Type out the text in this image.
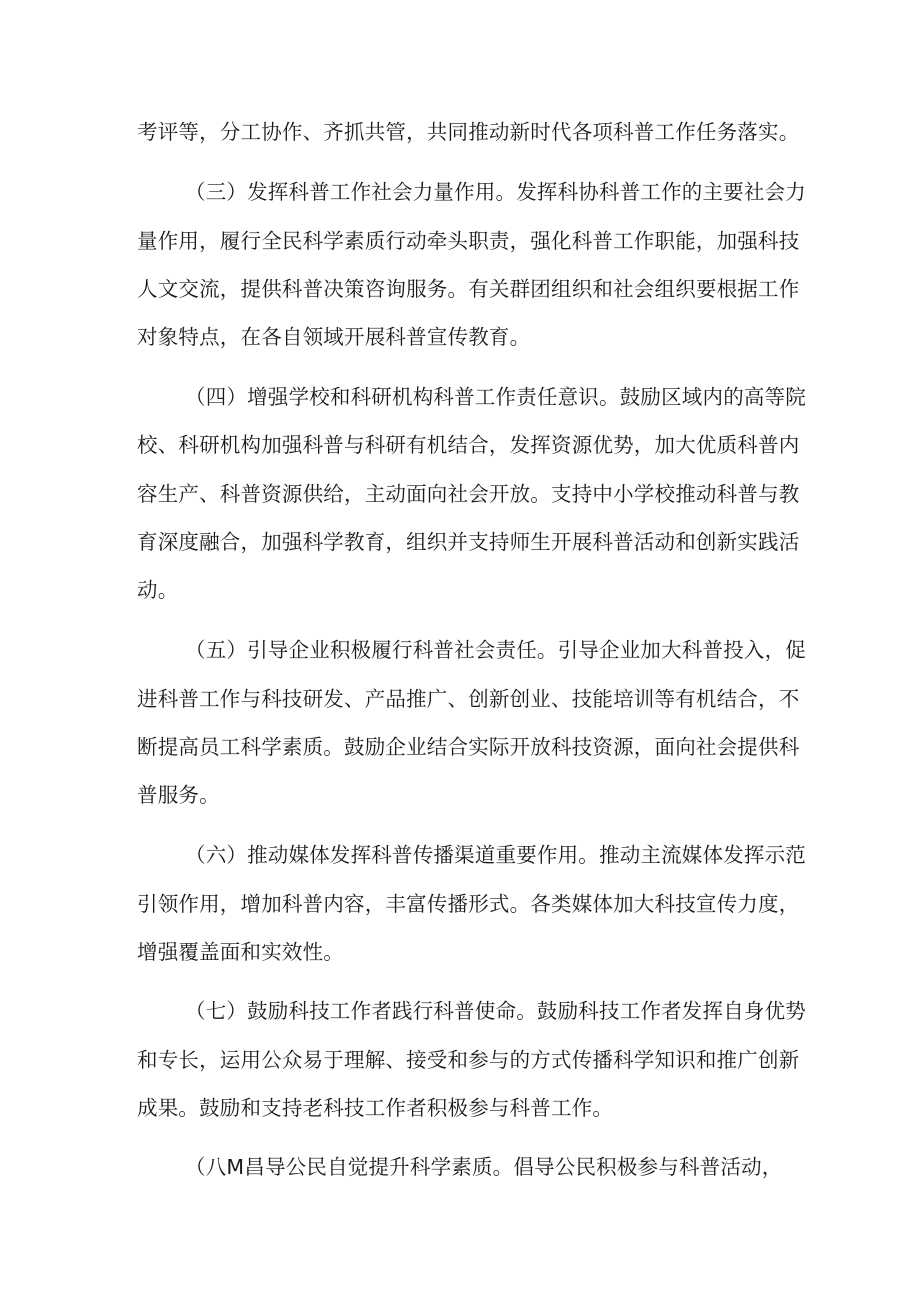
考评等，分工协作、齐抓共管，共同推动新时代各项科普工作任务落实。
（三）发挥科普工作社会力量作用。发挥科协科普工作的主要社会力
量作用，履行全民科学素质行动牵头职责，强化科普工作职能，加强科技
人文交流，提供科普决策咨询服务。有关群团组织和社会组织要根据工作
对象特点，在各自领域开展科普宣传教育。
（四）增强学校和科研机构科普工作责任意识。鼓励区域内的高等院
校、科研机构加强科普与科研有机结合，发挥资源优势，加大优质科普内
容生产、科普资源供给，主动面向社会开放。支持中小学校推动科普与教
育深度融合，加强科学教育，组织并支持师生开展科普活动和创新实践活
动。
（五）引导企业积极履行科普社会责任。引导企业加大科普投入，促
进科普工作与科技研发、产品推广、创新创业、技能培训等有机结合，不
断提高员工科学素质。鼓励企业结合实际开放科技资源，面向社会提供科
普服务。
（六）推动媒体发挥科普传播渠道重要作用。推动主流媒体发挥示范
引领作用，增加科普内容，丰富传播形式。各类媒体加大科技宣传力度，
增强覆盖面和实效性。
（七）鼓励科技工作者践行科普使命。鼓励科技工作者发挥自身优势
和专长，运用公众易于理解、接受和参与的方式传播科学知识和推广创新
成果。鼓励和支持老科技工作者积极参与科普工作。
（八M昌导公民自觉提升科学素质。倡导公民积极参与科普活动，
